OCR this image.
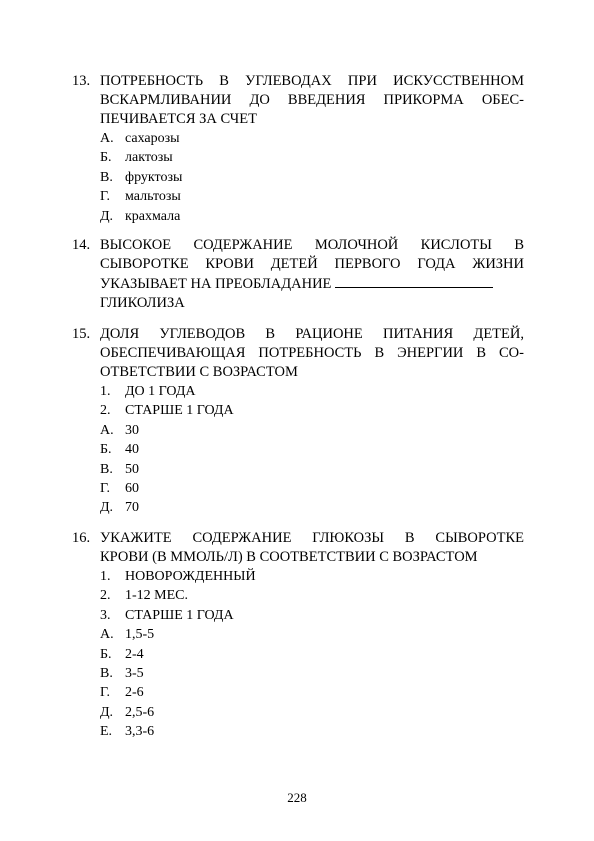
13. ПОТРЕБНОСТЬ В УГЛЕВОДАХ ПРИ ИСКУССТВЕННОМ
ВСКАРМЛИВАНИИ ДО ВВЕДЕНИЯ ПРИКОРМА ОБЕС-
ПЕЧИВАЕТСЯ ЗА СЧЕТ
А. сахарозы
Б. лактозы
В. фруктозы
Г.	мальтозы
Д. крахмала
14. ВЫСОКОЕ СОДЕРЖАНИЕ МОЛОЧНОЙ КИСЛОТЫ В
СЫВОРОТКЕ КРОВИ ДЕТЕЙ ПЕРВОГО ГОДА ЖИЗНИ
УКАЗЫВАЕТ НА ПРЕОБЛАДАНИЕ
ГЛИКОЛИЗА
15. ДОЛЯ УГЛЕВОДОВ В РАЦИОНЕ ПИТАНИЯ ДЕТЕЙ,
ОБЕСПЕЧИВАЮЩАЯ ПОТРЕБНОСТЬ В ЭНЕРГИИ В СО-
ОТВЕТСТВИИ С ВОЗРАСТОМ
1.	ДО 1 ГОДА
2.	СТАРШЕ 1 ГОДА
А. 30
Б. 40
В. 50
Г.	60
Д. 70
16. УКАЖИТЕ СОДЕРЖАНИЕ ГЛЮКОЗЫ В СЫВОРОТКЕ
КРОВИ (В ММОЛЬ/Л) В СООТВЕТСТВИИ С ВОЗРАСТОМ
1.	НОВОРОЖДЕННЫЙ
2.	1-12 МЕС.
3.	СТАРШЕ 1 ГОДА
А. 1,5-5
Б. 2-4
В. 3-5
Г.	2-6
Д. 2,5-6
Е. 3,3-6
228
